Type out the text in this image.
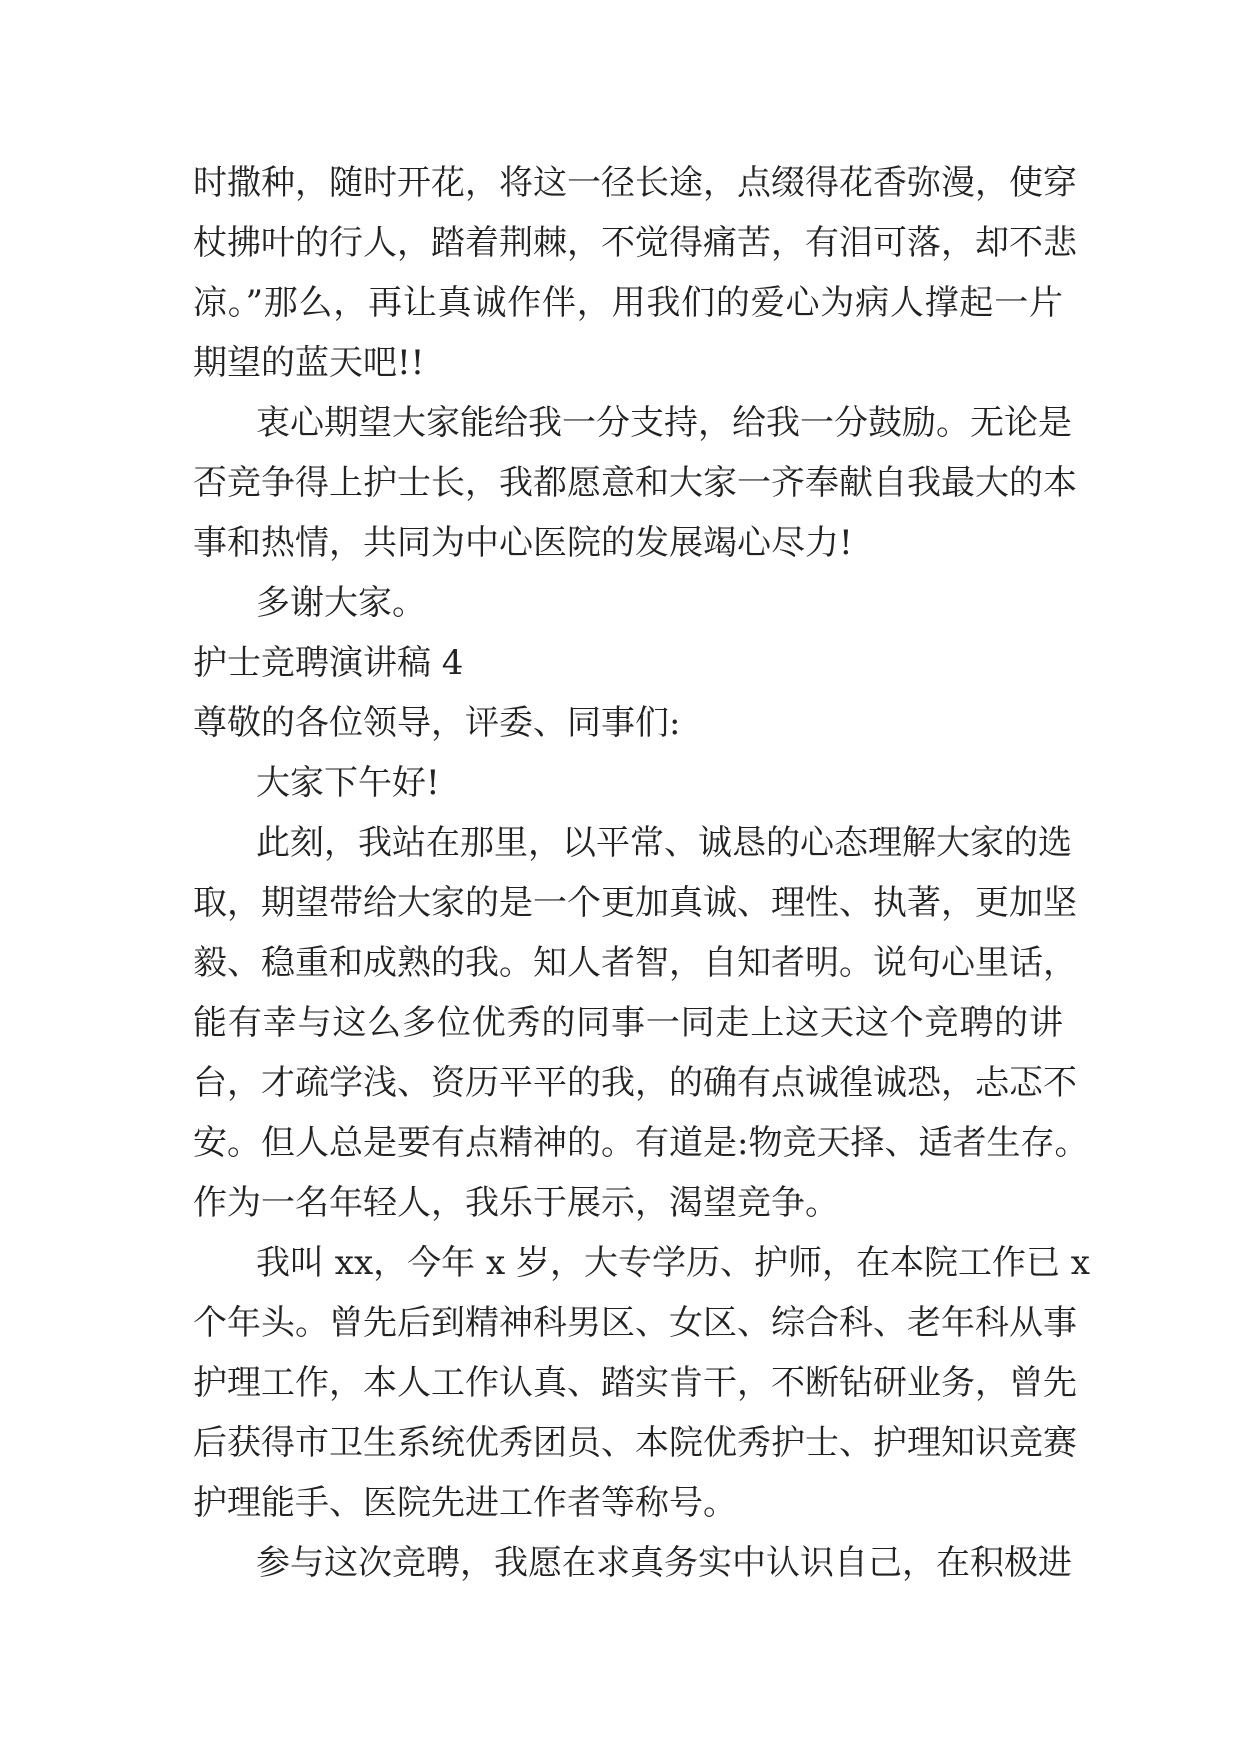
时撒种，随时开花，将这一径长途，点缀得花香弥漫，使穿
杖拂叶的行人，踏着荆棘，不觉得痛苦，有泪可落，却不悲
凉。”那么，再让真诚作伴，用我们的爱心为病人撑起一片
期望的蓝天吧!!
衷心期望大家能给我一分支持，给我一分鼓励。无论是
否竞争得上护士长，我都愿意和大家一齐奉献自我最大的本
事和热情，共同为中心医院的发展竭心尽力!
多谢大家。
护士竞聘演讲稿 4
尊敬的各位领导，评委、同事们:
大家下午好!
此刻，我站在那里，以平常、诚恳的心态理解大家的选
取，期望带给大家的是一个更加真诚、理性、执著，更加坚
毅、稳重和成熟的我。知人者智，自知者明。说句心里话，
能有幸与这么多位优秀的同事一同走上这天这个竞聘的讲
台，才疏学浅、资历平平的我，的确有点诚徨诚恐，忐忑不
安。但人总是要有点精神的。有道是:物竞天择、适者生存。
作为一名年轻人，我乐于展示，渴望竞争。
我叫 xx，今年 x 岁，大专学历、护师，在本院工作已 x
个年头。曾先后到精神科男区、女区、综合科、老年科从事
护理工作，本人工作认真、踏实肯干，不断钻研业务，曾先
后获得市卫生系统优秀团员、本院优秀护士、护理知识竞赛
护理能手、医院先进工作者等称号。
参与这次竞聘，我愿在求真务实中认识自己，在积极进
